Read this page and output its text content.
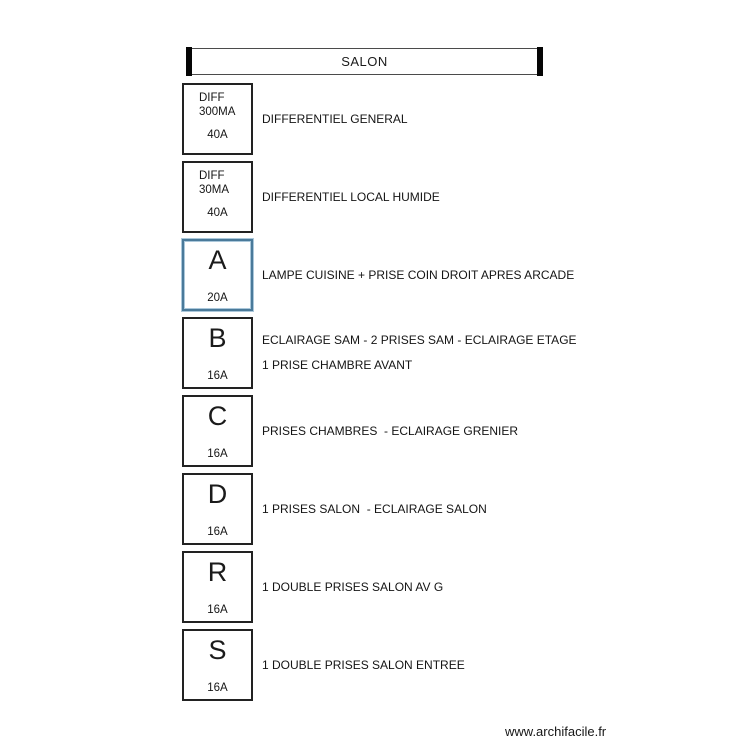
SALON
DIFF
300MA
40A
DIFFERENTIEL GENERAL
DIFF
30MA
40A
DIFFERENTIEL LOCAL HUMIDE
A
20A
LAMPE CUISINE + PRISE COIN DROIT APRES ARCADE
B
16A
ECLAIRAGE SAM - 2 PRISES SAM - ECLAIRAGE ETAGE
1 PRISE CHAMBRE AVANT
C
16A
PRISES CHAMBRES  - ECLAIRAGE GRENIER
D
16A
1 PRISES SALON  - ECLAIRAGE SALON
R
16A
1 DOUBLE PRISES SALON AV G
S
16A
1 DOUBLE PRISES SALON ENTREE
www.archifacile.fr
